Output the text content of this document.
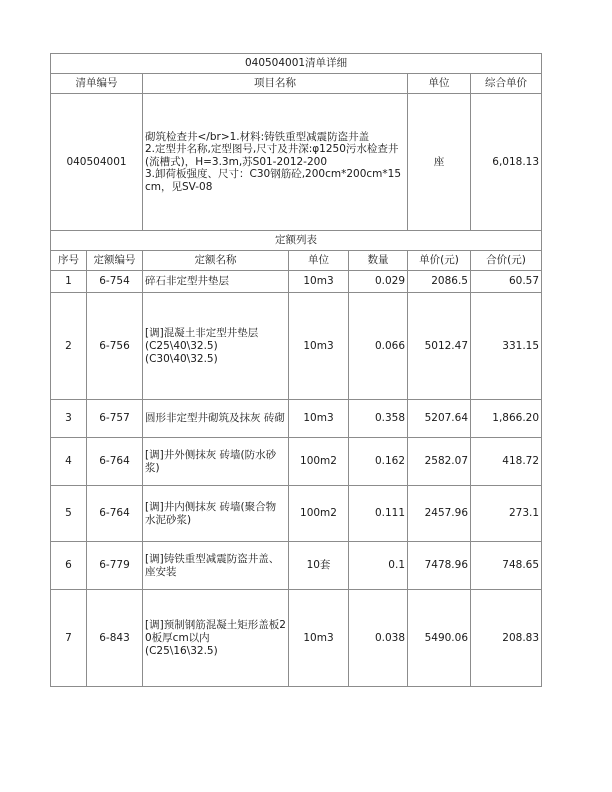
040504001清单详细						
清单编号		项目名称			单位	综合单价
040504001		砌筑检查井</br>1.材料:铸铁重型减震防盗井盖
2.定型井名称,定型图号,尺寸及井深:φ1250污水检查井(流槽式)，H=3.3m,苏S01-2012-200
3.卸荷板强度、尺寸：C30钢筋砼,200cm*200cm*15cm，见SV-08			座	6,018.13
定额列表						
序号	定额编号	定额名称	单位	数量	单价(元)	合价(元)
1	6-754	碎石非定型井垫层	10m3	0.029	2086.5	60.57
2	6-756	[调]混凝土非定型井垫层
(C25\40\32.5)
(C30\40\32.5)	10m3	0.066	5012.47	331.15
3	6-757	圆形非定型井砌筑及抹灰 砖砌	10m3	0.358	5207.64	1,866.20
4	6-764	[调]井外侧抹灰 砖墙(防水砂浆)	100m2	0.162	2582.07	418.72
5	6-764	[调]井内侧抹灰 砖墙(聚合物水泥砂浆)	100m2	0.111	2457.96	273.1
6	6-779	[调]铸铁重型减震防盗井盖、座安装	10套	0.1	7478.96	748.65
7	6-843	[调]预制钢筋混凝土矩形盖板20板厚cm以内
(C25\16\32.5)	10m3	0.038	5490.06	208.83
